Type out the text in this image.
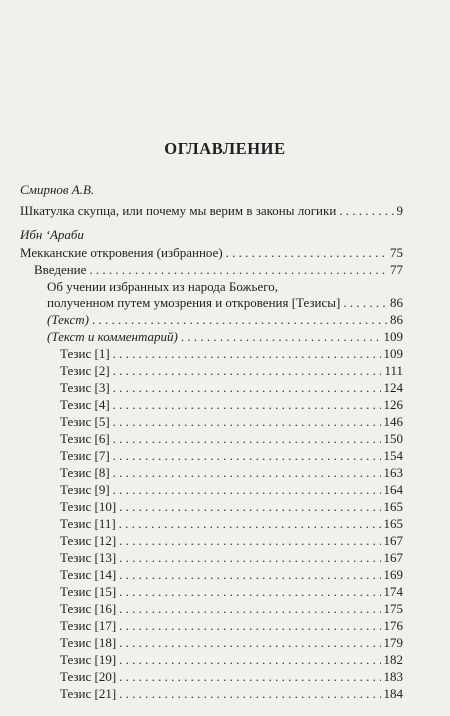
ОГЛАВЛЕНИЕ
Смирнов А.В.
Шкатулка скупца, или почему мы верим в законы логики . . .	9
Ибн ʻАраби
Мекканские откровения (избранное) . . .	75
Введение . . .	77
Об учении избранных из народа Божьего,
полученном путем умозрения и откровения [Тезисы] . . .	86
(Текст) . . .	86
(Текст и комментарий) . . .	109
Тезис [1] . . .	109
Тезис [2] . . .	111
Тезис [3] . . .	124
Тезис [4] . . .	126
Тезис [5] . . .	146
Тезис [6] . . .	150
Тезис [7] . . .	154
Тезис [8] . . .	163
Тезис [9] . . .	164
Тезис [10] . . .	165
Тезис [11] . . .	165
Тезис [12] . . .	167
Тезис [13] . . .	167
Тезис [14] . . .	169
Тезис [15] . . .	174
Тезис [16] . . .	175
Тезис [17] . . .	176
Тезис [18] . . .	179
Тезис [19] . . .	182
Тезис [20] . . .	183
Тезис [21] . . .	184
